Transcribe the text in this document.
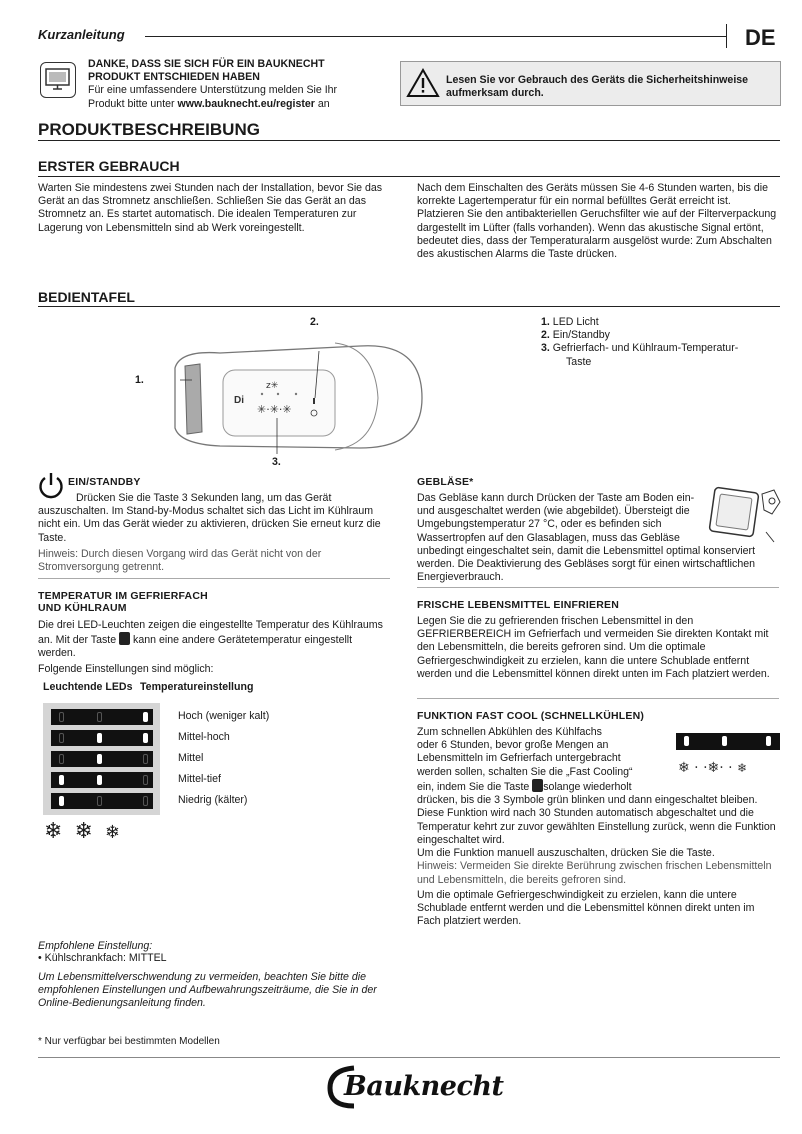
Kurzanleitung	DE
DANKE, DASS SIE SICH FÜR EIN BAUKNECHT
PRODUKT ENTSCHIEDEN HABEN
Für eine umfassendere Unterstützung melden Sie Ihr
Produkt bitte unter www.bauknecht.eu/register an
Lesen Sie vor Gebrauch des Geräts die Sicherheitshinweise
aufmerksam durch.
PRODUKTBESCHREIBUNG
ERSTER GEBRAUCH
Warten Sie mindestens zwei Stunden nach der Installation, bevor Sie das Gerät an das Stromnetz anschließen. Schließen Sie das Gerät an das Stromnetz an. Es startet automatisch. Die idealen Temperaturen zur Lagerung von Lebensmitteln sind ab Werk voreingestellt.
Nach dem Einschalten des Geräts müssen Sie 4-6 Stunden warten, bis die korrekte Lagertemperatur für ein normal befülltes Gerät erreicht ist. Platzieren Sie den antibakteriellen Geruchsfilter wie auf der Filterverpackung dargestellt im Lüfter (falls vorhanden). Wenn das akustische Signal ertönt, bedeutet dies, dass der Temperaturalarm ausgelöst wurde: Zum Abschalten des akustischen Alarms die Taste drücken.
BEDIENTAFEL
Di
z✳
✳·✳·✳
2.
1.
3.
1. LED Licht
2. Ein/Standby
3. Gefrierfach- und Kühlraum-Temperatur-
Taste
EIN/STANDBY
Drücken Sie die Taste 3 Sekunden lang, um das Gerät auszuschalten. Im Stand-by-Modus schaltet sich das Licht im Kühlraum nicht ein. Um das Gerät wieder zu aktivieren, drücken Sie erneut kurz die Taste.
Hinweis: Durch diesen Vorgang wird das Gerät nicht von der Stromversorgung getrennt.
TEMPERATUR IM GEFRIERFACH
UND KÜHLRAUM
Die drei LED-Leuchten zeigen die eingestellte Temperatur des Kühlraums an. Mit der Taste kann eine andere Gerätetemperatur eingestellt werden.
Folgende Einstellungen sind möglich:
Leuchtende LEDs Temperatureinstellung
Hoch (weniger kalt)
Mittel-hoch
Mittel
Mittel-tief
Niedrig (kälter)
❄❄❄
Empfohlene Einstellung:
• Kühlschrankfach: MITTEL
Um Lebensmittelverschwendung zu vermeiden, beachten Sie bitte die empfohlenen Einstellungen und Aufbewahrungszeiträume, die Sie in der Online-Bedienungsanleitung finden.
GEBLÄSE*
Das Gebläse kann durch Drücken der Taste am Boden ein- und ausgeschaltet werden (wie abgebildet). Übersteigt die Umgebungstemperatur 27 °C, oder es befinden sich Wassertropfen auf den Glasablagen, muss das Gebläse unbedingt eingeschaltet sein, damit die Lebensmittel optimal konserviert werden. Die Deaktivierung des Gebläses sorgt für einen wirtschaftlichen Energieverbrauch.
FRISCHE LEBENSMITTEL EINFRIEREN
Legen Sie die zu gefrierenden frischen Lebensmittel in den GEFRIERBEREICH im Gefrierfach und vermeiden Sie direkten Kontakt mit den Lebensmitteln, die bereits gefroren sind. Um die optimale Gefriergeschwindigkeit zu erzielen, kann die untere Schublade entfernt werden und die Lebensmittel können direkt unten im Fach platziert werden.
FUNKTION FAST COOL (SCHNELLKÜHLEN)
Zum schnellen Abkühlen des Kühlfachs
oder 6 Stunden, bevor große Mengen an
Lebensmitteln im Gefrierfach untergebracht
werden sollen, schalten Sie die „Fast Cooling“
ein, indem Sie die Taste solange wiederholt
drücken, bis die 3 Symbole grün blinken und dann eingeschaltet bleiben.
Diese Funktion wird nach 30 Stunden automatisch abgeschaltet und die Temperatur kehrt zur zuvor gewählten Einstellung zurück, wenn die Funktion eingeschaltet wird.
Um die Funktion manuell auszuschalten, drücken Sie die Taste.
Hinweis: Vermeiden Sie direkte Berührung zwischen frischen Lebensmitteln und Lebensmitteln, die bereits gefroren sind.
Um die optimale Gefriergeschwindigkeit zu erzielen, kann die untere Schublade entfernt werden und die Lebensmittel können direkt unten im Fach platziert werden.
❄ · ·❄· · ❄
* Nur verfügbar bei bestimmten Modellen
Bauknecht
